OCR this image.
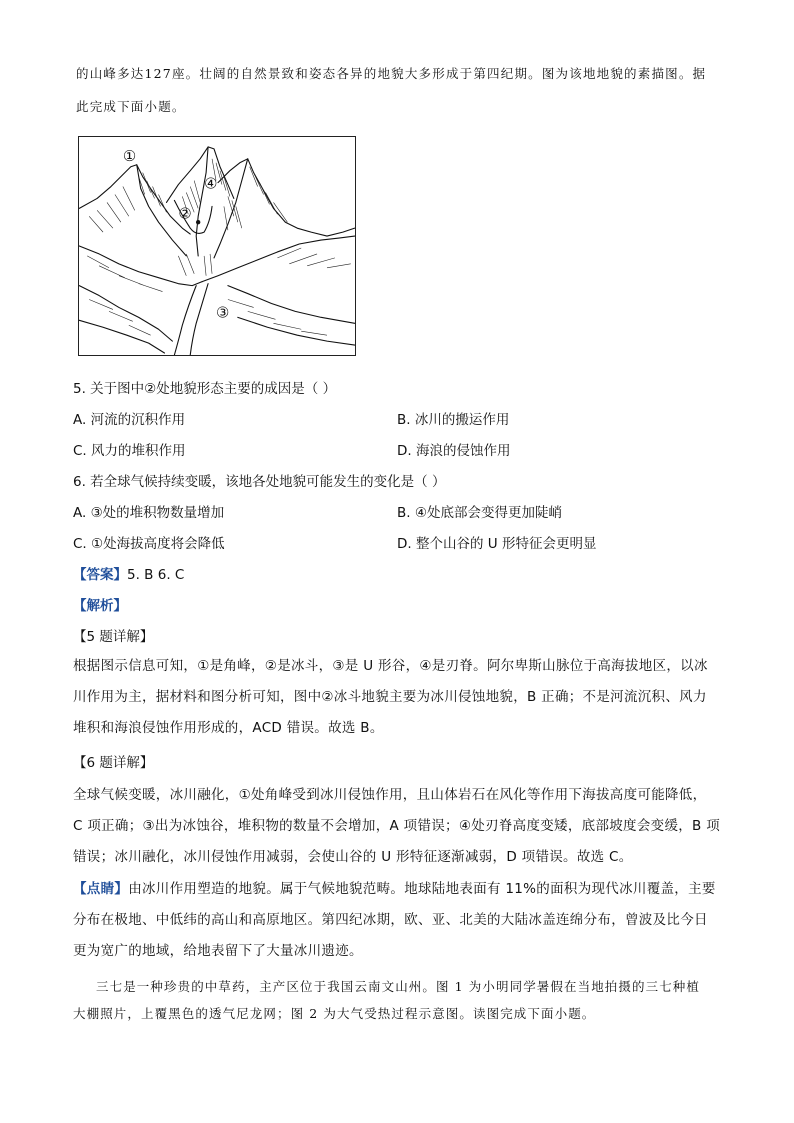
的山峰多达127座。壮阔的自然景致和姿态各异的地貌大多形成于第四纪期。图为该地地貌的素描图。据
此完成下面小题。
①
②
③
④
5. 关于图中②处地貌形态主要的成因是（ ）
A. 河流的沉积作用	B. 冰川的搬运作用
C. 风力的堆积作用	D. 海浪的侵蚀作用
6. 若全球气候持续变暖，该地各处地貌可能发生的变化是（ ）
A. ③处的堆积物数量增加	B. ④处底部会变得更加陡峭
C. ①处海拔高度将会降低	D. 整个山谷的 U 形特征会更明显
【答案】5. B 6. C
【解析】
【5 题详解】
根据图示信息可知，①是角峰，②是冰斗，③是 U 形谷，④是刃脊。阿尔卑斯山脉位于高海拔地区，以冰
川作用为主，据材料和图分析可知，图中②冰斗地貌主要为冰川侵蚀地貌，B 正确；不是河流沉积、风力
堆积和海浪侵蚀作用形成的，ACD 错误。故选 B。
【6 题详解】
全球气候变暖，冰川融化，①处角峰受到冰川侵蚀作用，且山体岩石在风化等作用下海拔高度可能降低，
C 项正确；③出为冰蚀谷，堆积物的数量不会增加，A 项错误；④处刃脊高度变矮，底部坡度会变缓，B 项
错误；冰川融化，冰川侵蚀作用减弱，会使山谷的 U 形特征逐渐减弱，D 项错误。故选 C。
【点睛】由冰川作用塑造的地貌。属于气候地貌范畴。地球陆地表面有 11%的面积为现代冰川覆盖，主要
分布在极地、中低纬的高山和高原地区。第四纪冰期，欧、亚、北美的大陆冰盖连绵分布，曾波及比今日
更为宽广的地域，给地表留下了大量冰川遗迹。
三七是一种珍贵的中草药，主产区位于我国云南文山州。图 1 为小明同学暑假在当地拍摄的三七种植
大棚照片，上覆黑色的透气尼龙网；图 2 为大气受热过程示意图。读图完成下面小题。
